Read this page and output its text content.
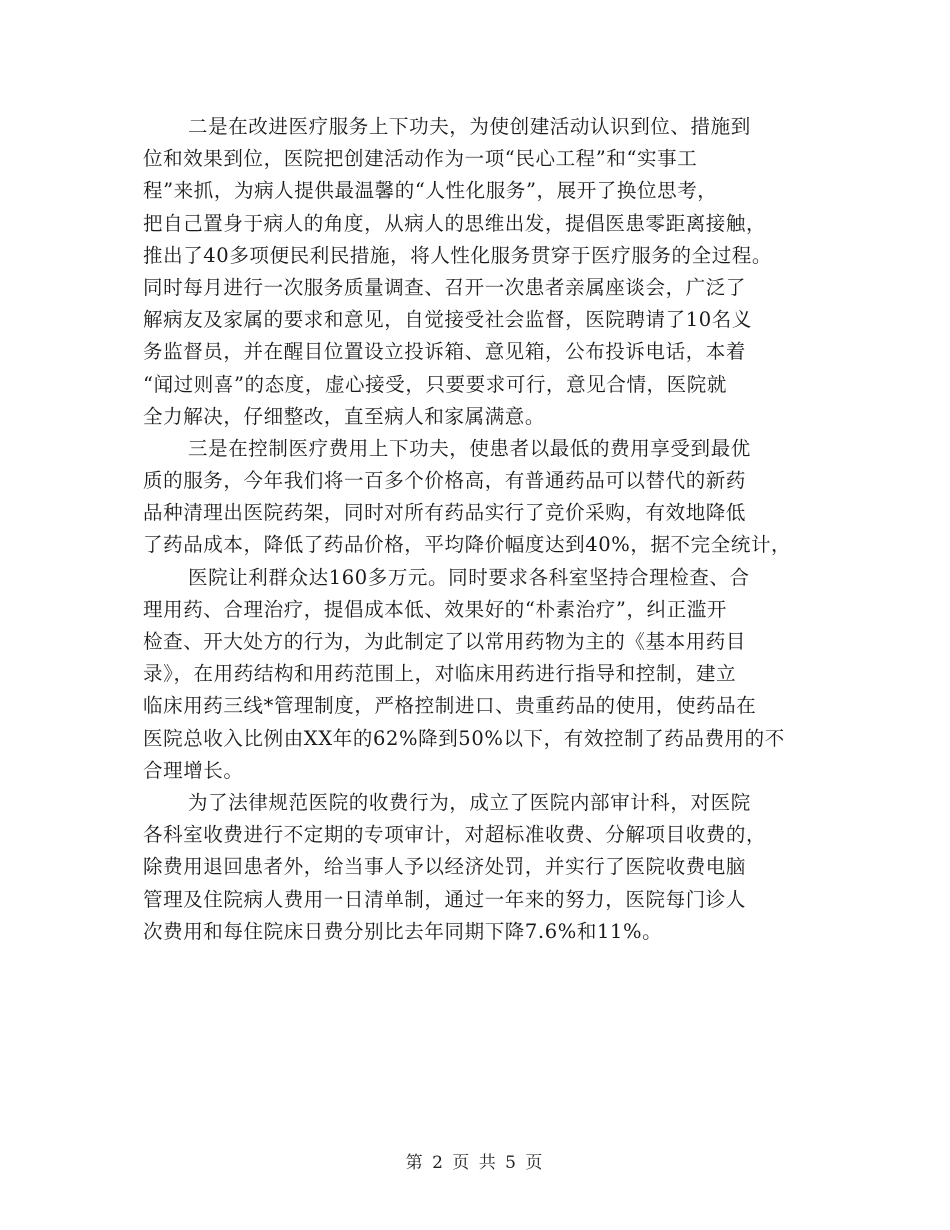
二是在改进医疗服务上下功夫，为使创建活动认识到位、措施到
位和效果到位，医院把创建活动作为一项“民心工程”和“实事工
程”来抓，为病人提供最温馨的“人性化服务”，展开了换位思考，
把自己置身于病人的角度，从病人的思维出发，提倡医患零距离接触，
推出了40多项便民利民措施，将人性化服务贯穿于医疗服务的全过程。
同时每月进行一次服务质量调查、召开一次患者亲属座谈会，广泛了
解病友及家属的要求和意见，自觉接受社会监督，医院聘请了10名义
务监督员，并在醒目位置设立投诉箱、意见箱，公布投诉电话，本着
“闻过则喜”的态度，虚心接受，只要要求可行，意见合情，医院就
全力解决，仔细整改，直至病人和家属满意。
三是在控制医疗费用上下功夫，使患者以最低的费用享受到最优
质的服务，今年我们将一百多个价格高，有普通药品可以替代的新药
品种清理出医院药架，同时对所有药品实行了竞价采购，有效地降低
了药品成本，降低了药品价格，平均降价幅度达到40%，据不完全统计，
医院让利群众达160多万元。同时要求各科室坚持合理检查、合
理用药、合理治疗，提倡成本低、效果好的“朴素治疗”，纠正滥开
检查、开大处方的行为，为此制定了以常用药物为主的《基本用药目
录》，在用药结构和用药范围上，对临床用药进行指导和控制，建立
临床用药三线*管理制度，严格控制进口、贵重药品的使用，使药品在
医院总收入比例由XX年的62%降到50%以下，有效控制了药品费用的不
合理增长。
为了法律规范医院的收费行为，成立了医院内部审计科，对医院
各科室收费进行不定期的专项审计，对超标准收费、分解项目收费的，
除费用退回患者外，给当事人予以经济处罚，并实行了医院收费电脑
管理及住院病人费用一日清单制，通过一年来的努力，医院每门诊人
次费用和每住院床日费分别比去年同期下降7.6%和11%。
第 2 页 共 5 页
